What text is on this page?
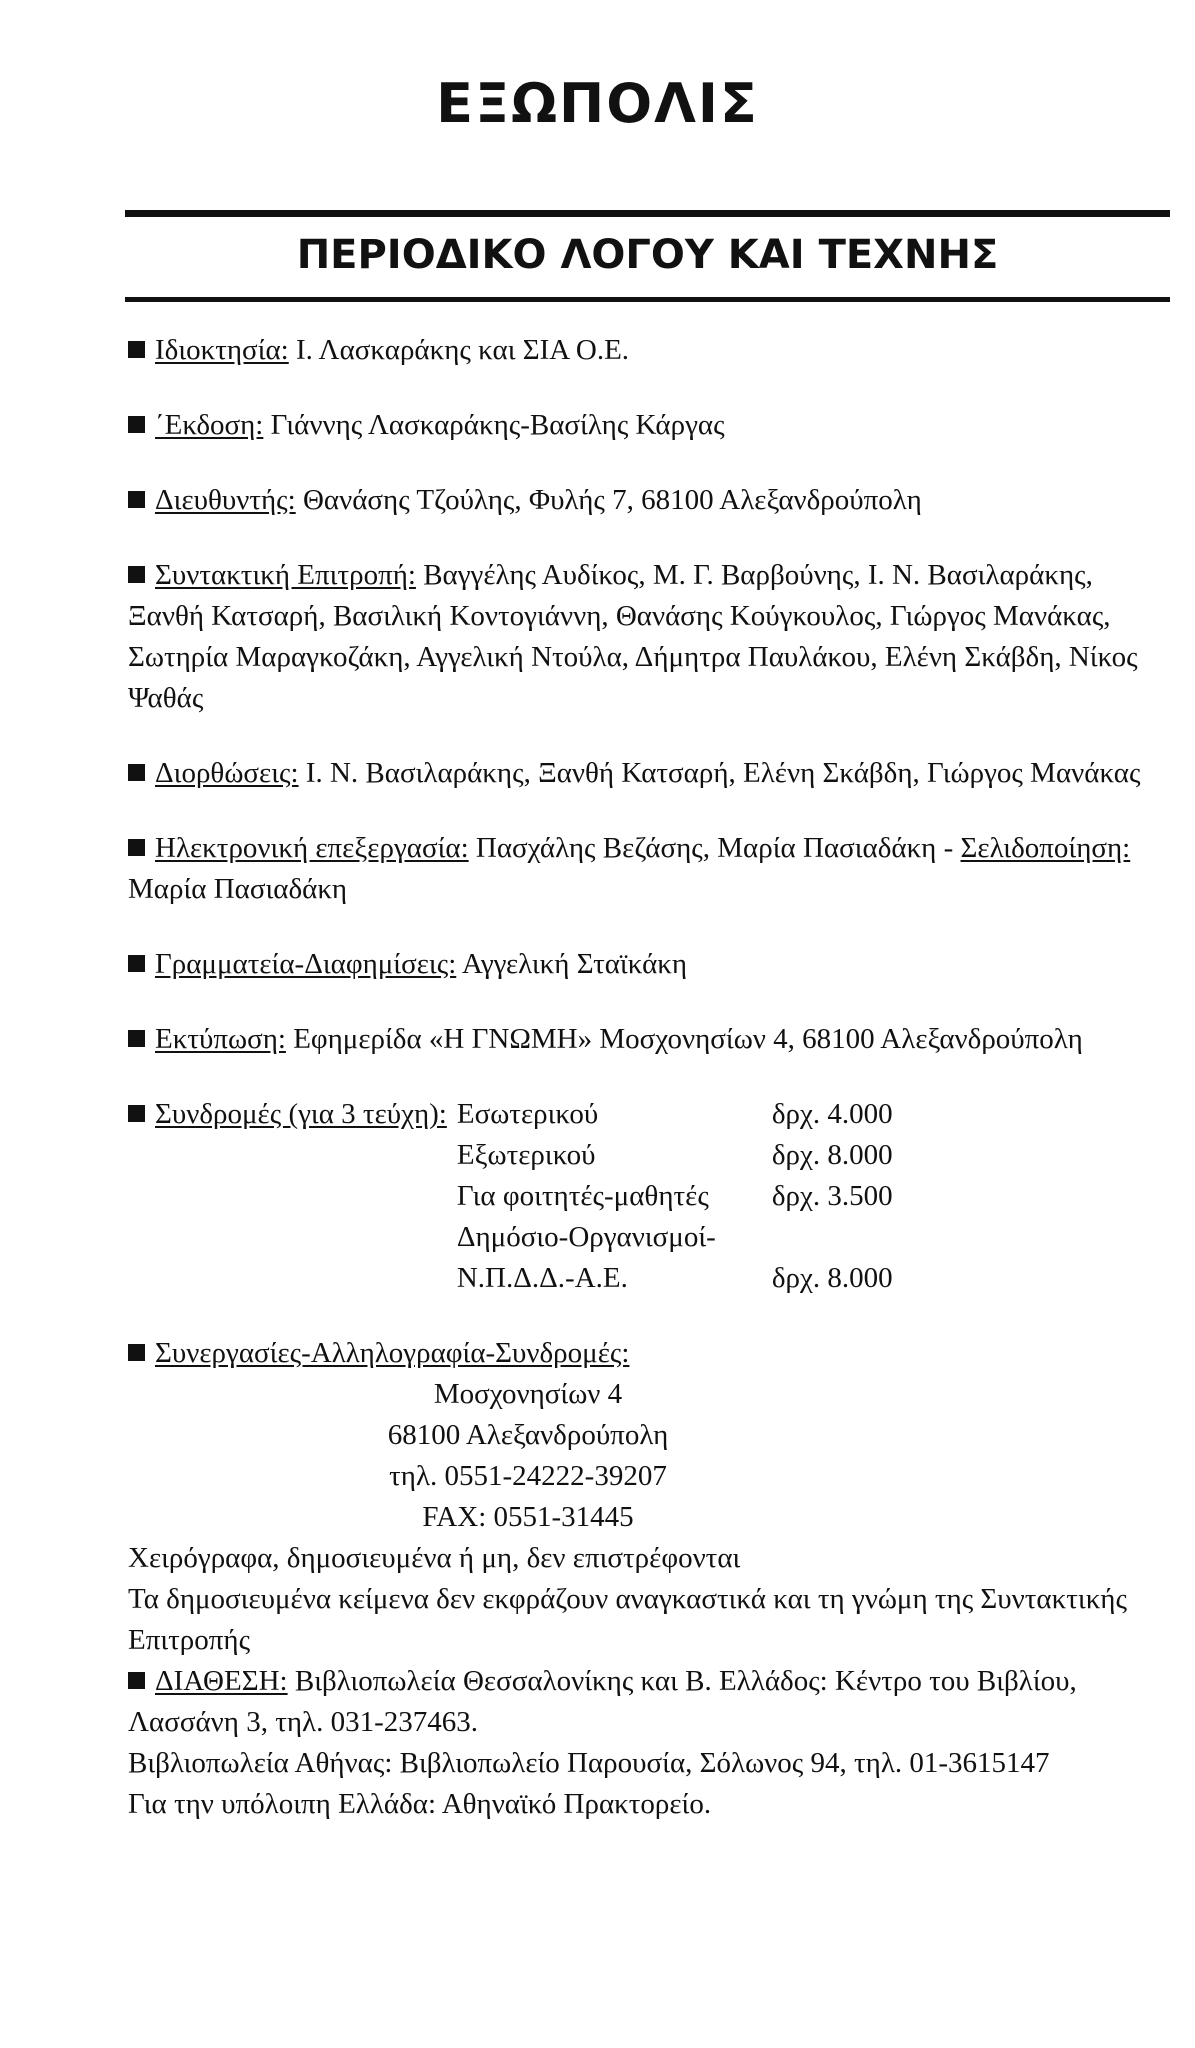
ΕΞΩΠΟΛΙΣ
ΠΕΡΙΟΔΙΚΟ ΛΟΓΟΥ ΚΑΙ ΤΕΧΝΗΣ

Ιδιοκτησία: Ι. Λασκαράκης και ΣΙΑ Ο.Ε.

΄Εκδοση: Γιάννης Λασκαράκης-Βασίλης Κάργας

Διευθυντής: Θανάσης Τζούλης, Φυλής 7, 68100 Αλεξανδρούπολη

Συντακτική Επιτροπή: Βαγγέλης Αυδίκος, Μ. Γ. Βαρβούνης, Ι. Ν. Βασιλαράκης, Ξανθή Κατσαρή, Βασιλική Κοντογιάννη, Θανάσης Κούγκουλος, Γιώργος Μανάκας, Σωτηρία Μαραγκοζάκη, Αγγελική Ντούλα, Δήμητρα Παυλάκου, Ελένη Σκάβδη, Νίκος Ψαθάς

Διορθώσεις: Ι. Ν. Βασιλαράκης, Ξανθή Κατσαρή, Ελένη Σκάβδη, Γιώργος Μανάκας

Ηλεκτρονική επεξεργασία: Πασχάλης Βεζάσης, Μαρία Πασιαδάκη - Σελιδοποίηση: Μαρία Πασιαδάκη

Γραμματεία-Διαφημίσεις: Αγγελική Σταϊκάκη

Εκτύπωση: Εφημερίδα «Η ΓΝΩΜΗ» Μοσχονησίων 4, 68100 Αλεξανδρούπολη

Συνδρομές (για 3 τεύχη): Εσωτερικού	δρχ. 4.000
Εξωτερικού	δρχ. 8.000
Για φοιτητές-μαθητές	δρχ. 3.500
Δημόσιο-Οργανισμοί-
Ν.Π.Δ.Δ.-Α.Ε.	δρχ. 8.000
Συνεργασίες-Αλληλογραφία-Συνδρομές:
Μοσχονησίων 4
68100 Αλεξανδρούπολη
τηλ. 0551-24222-39207
FAX: 0551-31445

Χειρόγραφα, δημοσιευμένα ή μη, δεν επιστρέφονται

Τα δημοσιευμένα κείμενα δεν εκφράζουν αναγκαστικά και τη γνώμη της Συντακτικής Επιτροπής

ΔΙΑΘΕΣΗ: Βιβλιοπωλεία Θεσσαλονίκης και Β. Ελλάδος: Κέντρο του Βιβλίου, Λασσάνη 3, τηλ. 031-237463.

Βιβλιοπωλεία Αθήνας: Βιβλιοπωλείο Παρουσία, Σόλωνος 94, τηλ. 01-3615147

Για την υπόλοιπη Ελλάδα: Αθηναϊκό Πρακτορείο.
